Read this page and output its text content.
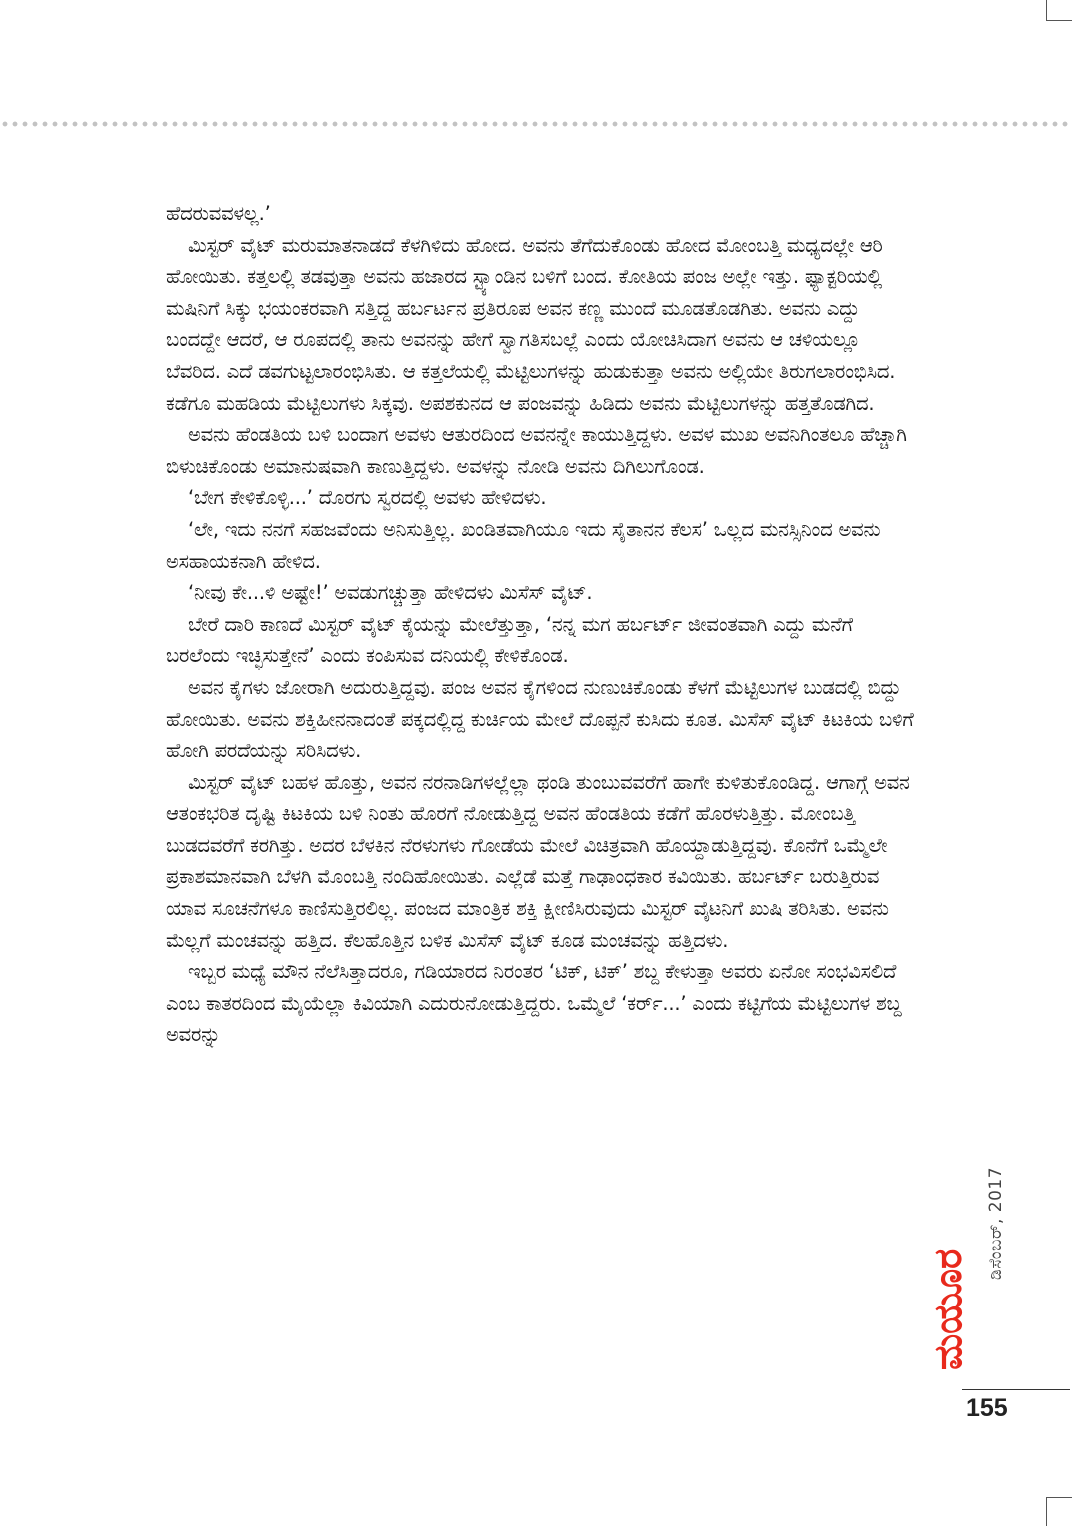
ಹೆದರುವವಳಲ್ಲ.’

ಮಿಸ್ಟರ್ ವೈಟ್ ಮರುಮಾತನಾಡದೆ ಕೆಳಗಿಳಿದು ಹೋದ. ಅವನು ತೆಗೆದುಕೊಂಡು ಹೋದ ಮೋಂಬತ್ತಿ ಮಧ್ಯದಲ್ಲೇ ಆರಿ ಹೋಯಿತು. ಕತ್ತಲಲ್ಲಿ ತಡವುತ್ತಾ ಅವನು ಹಜಾರದ ಸ್ಟ್ಯಾಂಡಿನ ಬಳಿಗೆ ಬಂದ. ಕೋತಿಯ ಪಂಜ ಅಲ್ಲೇ ಇತ್ತು. ಫ್ಯಾಕ್ಟರಿಯಲ್ಲಿ ಮಷಿನಿಗೆ ಸಿಕ್ಕು ಭಯಂಕರವಾಗಿ ಸತ್ತಿದ್ದ ಹರ್ಬರ್ಟನ ಪ್ರತಿರೂಪ ಅವನ ಕಣ್ಣ ಮುಂದೆ ಮೂಡತೊಡಗಿತು. ಅವನು ಎದ್ದು ಬಂದದ್ದೇ ಆದರೆ, ಆ ರೂಪದಲ್ಲಿ ತಾನು ಅವನನ್ನು ಹೇಗೆ ಸ್ವಾಗತಿಸಬಲ್ಲೆ ಎಂದು ಯೋಚಿಸಿದಾಗ ಅವನು ಆ ಚಳಿಯಲ್ಲೂ ಬೆವರಿದ. ಎದೆ ಡವಗುಟ್ಟಲಾರಂಭಿಸಿತು. ಆ ಕತ್ತಲೆಯಲ್ಲಿ ಮೆಟ್ಟಿಲುಗಳನ್ನು ಹುಡುಕುತ್ತಾ ಅವನು ಅಲ್ಲಿಯೇ ತಿರುಗಲಾರಂಭಿಸಿದ. ಕಡೆಗೂ ಮಹಡಿಯ ಮೆಟ್ಟಿಲುಗಳು ಸಿಕ್ಕವು. ಅಪಶಕುನದ ಆ ಪಂಜವನ್ನು ಹಿಡಿದು ಅವನು ಮೆಟ್ಟಿಲುಗಳನ್ನು ಹತ್ತತೊಡಗಿದ.

ಅವನು ಹೆಂಡತಿಯ ಬಳಿ ಬಂದಾಗ ಅವಳು ಆತುರದಿಂದ ಅವನನ್ನೇ ಕಾಯುತ್ತಿದ್ದಳು. ಅವಳ ಮುಖ ಅವನಿಗಿಂತಲೂ ಹೆಚ್ಚಾಗಿ ಬಿಳುಚಿಕೊಂಡು ಅಮಾನುಷವಾಗಿ ಕಾಣುತ್ತಿದ್ದಳು. ಅವಳನ್ನು ನೋಡಿ ಅವನು ದಿಗಿಲುಗೊಂಡ.

‘ಬೇಗ ಕೇಳಿಕೊಳ್ಳಿ...’ ದೊರಗು ಸ್ವರದಲ್ಲಿ ಅವಳು ಹೇಳಿದಳು.

‘ಲೇ, ಇದು ನನಗೆ ಸಹಜವೆಂದು ಅನಿಸುತ್ತಿಲ್ಲ. ಖಂಡಿತವಾಗಿಯೂ ಇದು ಸೈತಾನನ ಕೆಲಸ’ ಒಲ್ಲದ ಮನಸ್ಸಿನಿಂದ ಅವನು ಅಸಹಾಯಕನಾಗಿ ಹೇಳಿದ.

‘ನೀವು ಕೇ...ಳಿ ಅಷ್ಟೇ!’ ಅವಡುಗಚ್ಚುತ್ತಾ ಹೇಳಿದಳು ಮಿಸೆಸ್ ವೈಟ್.

ಬೇರೆ ದಾರಿ ಕಾಣದೆ ಮಿಸ್ಟರ್ ವೈಟ್ ಕೈಯನ್ನು ಮೇಲೆತ್ತುತ್ತಾ, ‘ನನ್ನ ಮಗ ಹರ್ಬರ್ಟ್ ಜೀವಂತವಾಗಿ ಎದ್ದು ಮನೆಗೆ ಬರಲೆಂದು ಇಚ್ಛಿಸುತ್ತೇನೆ’ ಎಂದು ಕಂಪಿಸುವ ದನಿಯಲ್ಲಿ ಕೇಳಿಕೊಂಡ.

ಅವನ ಕೈಗಳು ಜೋರಾಗಿ ಅದುರುತ್ತಿದ್ದವು. ಪಂಜ ಅವನ ಕೈಗಳಿಂದ ನುಣುಚಿಕೊಂಡು ಕೆಳಗೆ ಮೆಟ್ಟಿಲುಗಳ ಬುಡದಲ್ಲಿ ಬಿದ್ದು ಹೋಯಿತು. ಅವನು ಶಕ್ತಿಹೀನನಾದಂತೆ ಪಕ್ಕದಲ್ಲಿದ್ದ ಕುರ್ಚಿಯ ಮೇಲೆ ದೊಪ್ಪನೆ ಕುಸಿದು ಕೂತ. ಮಿಸೆಸ್ ವೈಟ್ ಕಿಟಕಿಯ ಬಳಿಗೆ ಹೋಗಿ ಪರದೆಯನ್ನು ಸರಿಸಿದಳು.

ಮಿಸ್ಟರ್ ವೈಟ್ ಬಹಳ ಹೊತ್ತು, ಅವನ ನರನಾಡಿಗಳಲ್ಲೆಲ್ಲಾ ಥಂಡಿ ತುಂಬುವವರೆಗೆ ಹಾಗೇ ಕುಳಿತುಕೊಂಡಿದ್ದ. ಆಗಾಗ್ಗೆ ಅವನ ಆತಂಕಭರಿತ ದೃಷ್ಟಿ ಕಿಟಕಿಯ ಬಳಿ ನಿಂತು ಹೊರಗೆ ನೋಡುತ್ತಿದ್ದ ಅವನ ಹೆಂಡತಿಯ ಕಡೆಗೆ ಹೊರಳುತ್ತಿತ್ತು. ಮೋಂಬತ್ತಿ ಬುಡದವರೆಗೆ ಕರಗಿತ್ತು. ಅದರ ಬೆಳಕಿನ ನೆರಳುಗಳು ಗೋಡೆಯ ಮೇಲೆ ವಿಚಿತ್ರವಾಗಿ ಹೊಯ್ದಾಡುತ್ತಿದ್ದವು. ಕೊನೆಗೆ ಒಮ್ಮೆಲೇ ಪ್ರಕಾಶಮಾನವಾಗಿ ಬೆಳಗಿ ಮೊಂಬತ್ತಿ ನಂದಿಹೋಯಿತು. ಎಲ್ಲೆಡೆ ಮತ್ತೆ ಗಾಢಾಂಧಕಾರ ಕವಿಯಿತು. ಹರ್ಬರ್ಟ್ ಬರುತ್ತಿರುವ ಯಾವ ಸೂಚನೆಗಳೂ ಕಾಣಿಸುತ್ತಿರಲಿಲ್ಲ. ಪಂಜದ ಮಾಂತ್ರಿಕ ಶಕ್ತಿ ಕ್ಷೀಣಿಸಿರುವುದು ಮಿಸ್ಟರ್ ವೈಟನಿಗೆ ಖುಷಿ ತರಿಸಿತು. ಅವನು ಮೆಲ್ಲಗೆ ಮಂಚವನ್ನು ಹತ್ತಿದ. ಕೆಲಹೊತ್ತಿನ ಬಳಿಕ ಮಿಸೆಸ್ ವೈಟ್ ಕೂಡ ಮಂಚವನ್ನು ಹತ್ತಿದಳು.

ಇಬ್ಬರ ಮಧ್ಯೆ ಮೌನ ನೆಲೆಸಿತ್ತಾದರೂ, ಗಡಿಯಾರದ ನಿರಂತರ ‘ಟಿಕ್, ಟಿಕ್’ ಶಬ್ದ ಕೇಳುತ್ತಾ ಅವರು ಏನೋ ಸಂಭವಿಸಲಿದೆ ಎಂಬ ಕಾತರದಿಂದ ಮೈಯೆಲ್ಲಾ ಕಿವಿಯಾಗಿ ಎದುರುನೋಡುತ್ತಿದ್ದರು. ಒಮ್ಮೆಲೆ ‘ಕರ್ರ್...’ ಎಂದು ಕಟ್ಟಿಗೆಯ ಮೆಟ್ಟಿಲುಗಳ ಶಬ್ದ ಅವರನ್ನು

ಡಿಸೆಂಬರ್, 2017
ಮಯೂರ
155
